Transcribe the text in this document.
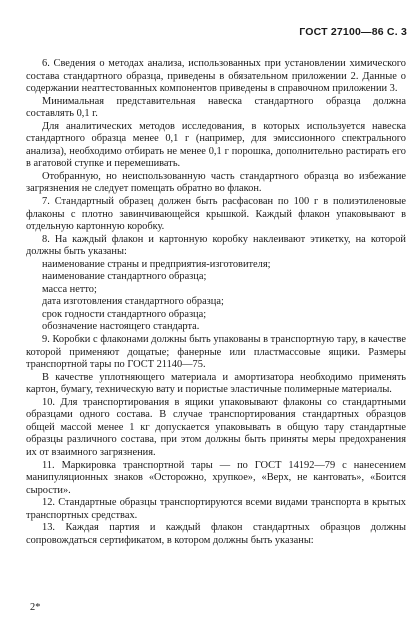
ГОСТ 27100—86 С. 3

6. Сведения о методах анализа, использованных при установлении химического состава стандартного образца, приведены в обязательном приложении 2. Данные о содержании неаттестованных компонентов приведены в справочном приложении 3.

Минимальная представительная навеска стандартного образца должна составлять 0,1 г.

Для аналитических методов исследования, в которых используется навеска стандартного образца менее 0,1 г (например, для эмиссионного спектрального анализа), необходимо отбирать не менее 0,1 г порошка, дополнительно растирать его в агатовой ступке и перемешивать.

Отобранную, но неиспользованную часть стандартного образца во избежание загрязнения не следует помещать обратно во флакон.

7. Стандартный образец должен быть расфасован по 100 г в полиэтиленовые флаконы с плотно завинчивающейся крышкой. Каждый флакон упаковывают в отдельную картонную коробку.

8. На каждый флакон и картонную коробку наклеивают этикетку, на которой должны быть указаны:

наименование страны и предприятия-изготовителя;

наименование стандартного образца;

масса нетто;

дата изготовления стандартного образца;

срок годности стандартного образца;

обозначение настоящего стандарта.

9. Коробки с флаконами должны быть упакованы в транспортную тару, в качестве которой применяют дощатые; фанерные или пластмассовые ящики. Размеры транспортной тары по ГОСТ 21140—75.

В качестве уплотняющего материала и амортизатора необходимо применять картон, бумагу, техническую вату и пористые эластичные полимерные материалы.

10. Для транспортирования в ящики упаковывают флаконы со стандартными образцами одного состава. В случае транспортирования стандартных образцов общей массой менее 1 кг допускается упаковывать в общую тару стандартные образцы различного состава, при этом должны быть приняты меры предохранения их от взаимного загрязнения.

11. Маркировка транспортной тары — по ГОСТ 14192—79 с нанесением манипуляционных знаков «Осторожно, хрупкое», «Верх, не кантовать», «Боится сырости».

12. Стандартные образцы транспортируются всеми видами транспорта в крытых транспортных средствах.

13. Каждая партия и каждый флакон стандартных образцов должны сопровождаться сертификатом, в котором должны быть указаны:

2*
